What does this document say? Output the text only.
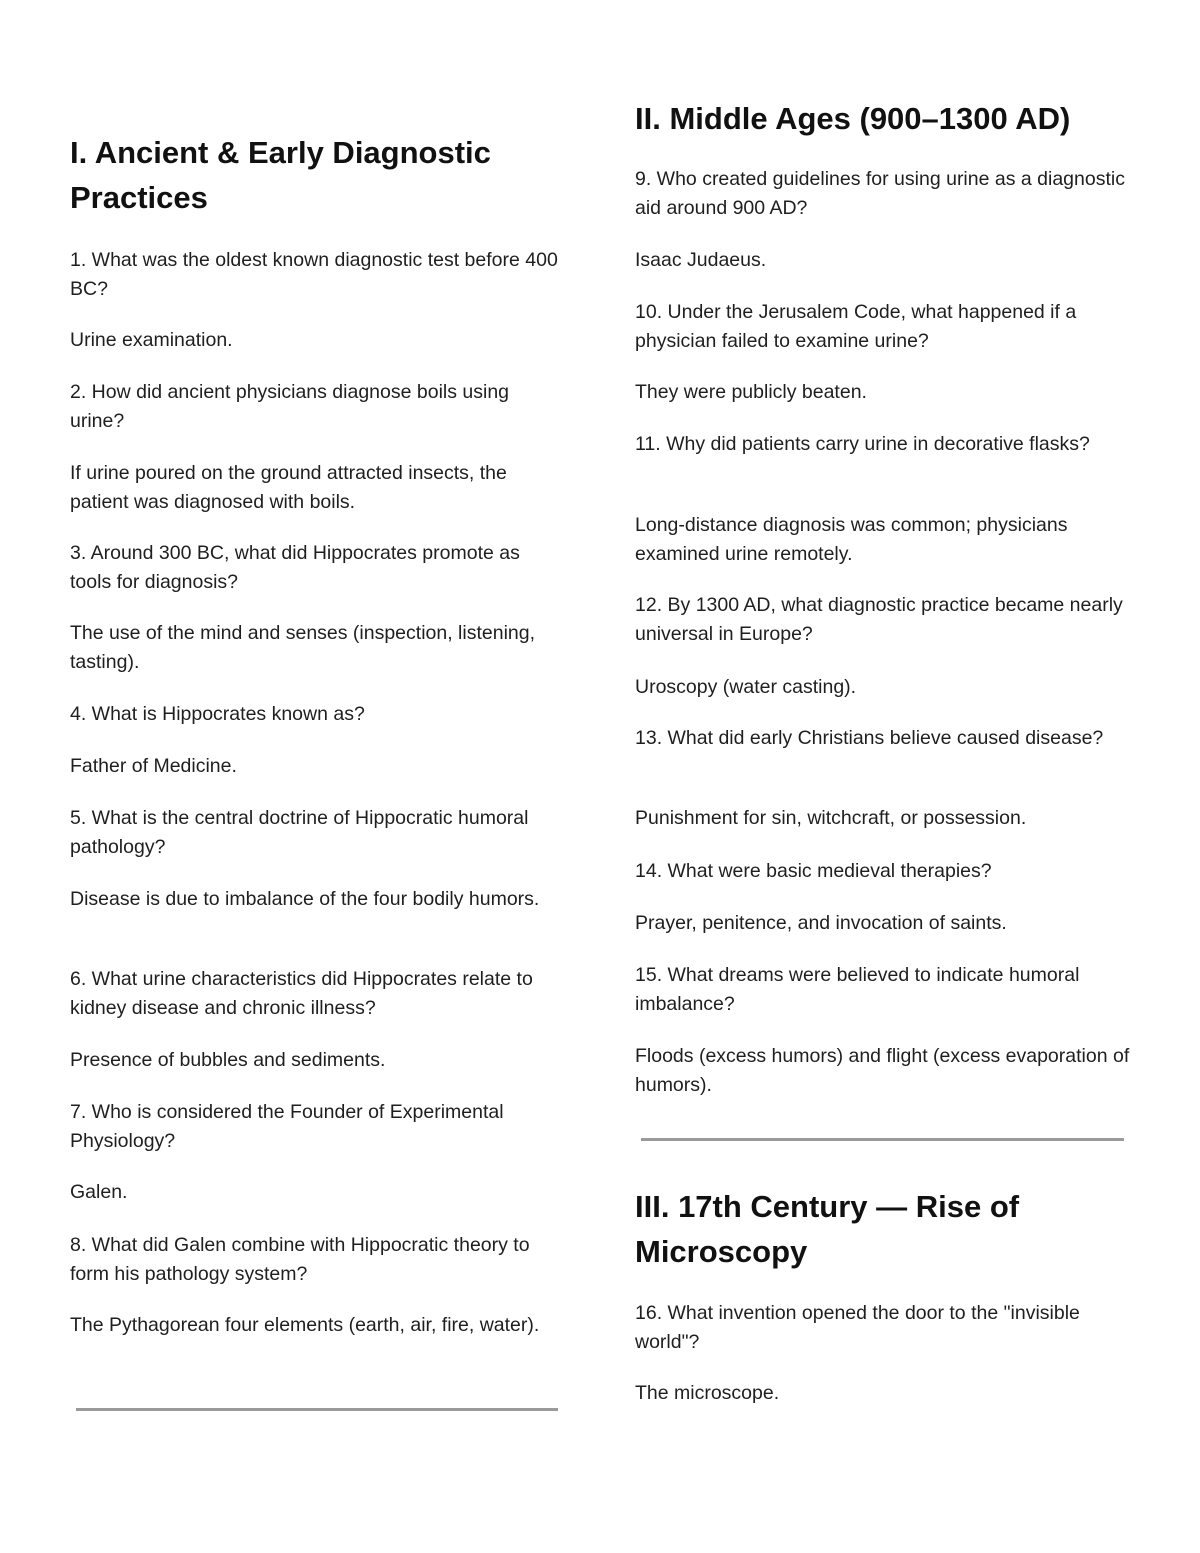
I. Ancient & Early Diagnostic Practices

1. What was the oldest known diagnostic test before 400 BC?

Urine examination.

2. How did ancient physicians diagnose boils using urine?

If urine poured on the ground attracted insects, the patient was diagnosed with boils.

3. Around 300 BC, what did Hippocrates promote as tools for diagnosis?

The use of the mind and senses (inspection, listening, tasting).

4. What is Hippocrates known as?

Father of Medicine.

5. What is the central doctrine of Hippocratic humoral pathology?

Disease is due to imbalance of the four bodily humors.

6. What urine characteristics did Hippocrates relate to kidney disease and chronic illness?

Presence of bubbles and sediments.

7. Who is considered the Founder of Experimental Physiology?

Galen.

8. What did Galen combine with Hippocratic theory to form his pathology system?

The Pythagorean four elements (earth, air, fire, water).

II. Middle Ages (900–1300 AD)

9. Who created guidelines for using urine as a diagnostic aid around 900 AD?

Isaac Judaeus.

10. Under the Jerusalem Code, what happened if a physician failed to examine urine?

They were publicly beaten.

11. Why did patients carry urine in decorative flasks?

Long-distance diagnosis was common; physicians examined urine remotely.

12. By 1300 AD, what diagnostic practice became nearly universal in Europe?

Uroscopy (water casting).

13. What did early Christians believe caused disease?

Punishment for sin, witchcraft, or possession.

14. What were basic medieval therapies?

Prayer, penitence, and invocation of saints.

15. What dreams were believed to indicate humoral imbalance?

Floods (excess humors) and flight (excess evaporation of humors).

III. 17th Century — Rise of Microscopy

16. What invention opened the door to the "invisible world"?

The microscope.
